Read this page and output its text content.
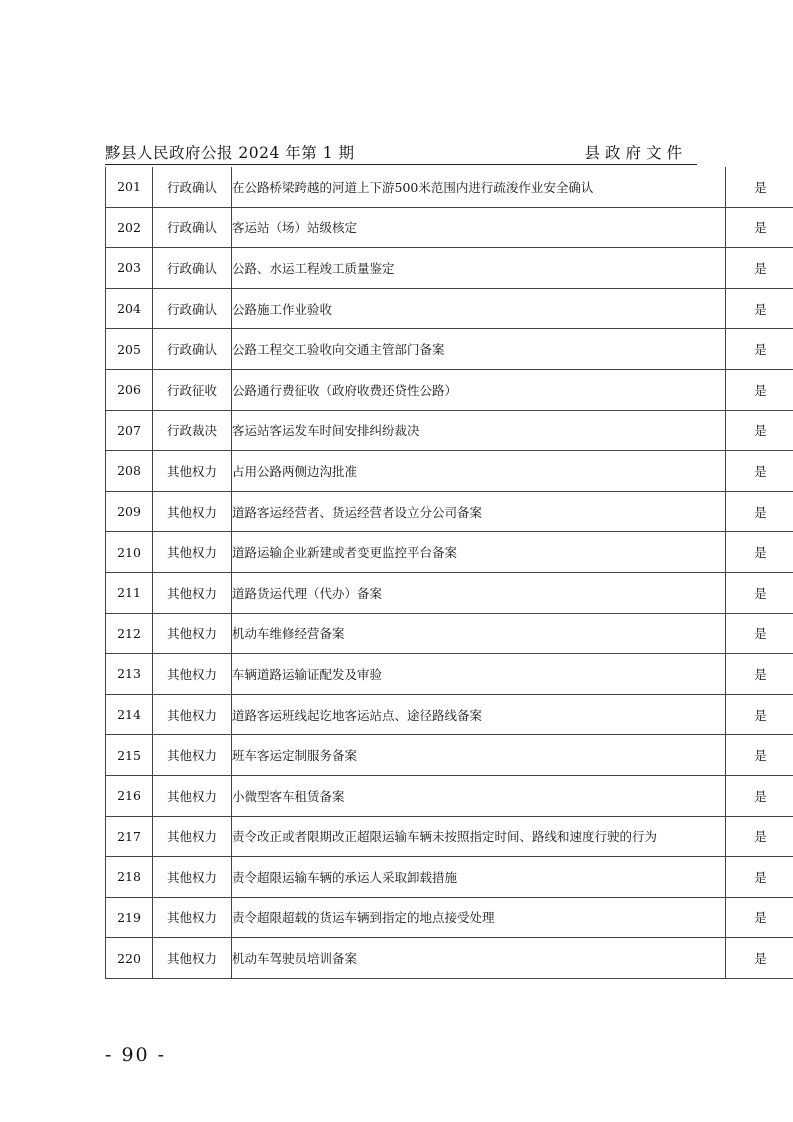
黟县人民政府公报 2024 年第 1 期	县政府文件
201	行政确认	在公路桥梁跨越的河道上下游500米范围内进行疏浚作业安全确认	是
202	行政确认	客运站（场）站级核定	是
203	行政确认	公路、水运工程竣工质量鉴定	是
204	行政确认	公路施工作业验收	是
205	行政确认	公路工程交工验收向交通主管部门备案	是
206	行政征收	公路通行费征收（政府收费还贷性公路）	是
207	行政裁决	客运站客运发车时间安排纠纷裁决	是
208	其他权力	占用公路两侧边沟批准	是
209	其他权力	道路客运经营者、货运经营者设立分公司备案	是
210	其他权力	道路运输企业新建或者变更监控平台备案	是
211	其他权力	道路货运代理（代办）备案	是
212	其他权力	机动车维修经营备案	是
213	其他权力	车辆道路运输证配发及审验	是
214	其他权力	道路客运班线起讫地客运站点、途径路线备案	是
215	其他权力	班车客运定制服务备案	是
216	其他权力	小微型客车租赁备案	是
217	其他权力	责令改正或者限期改正超限运输车辆未按照指定时间、路线和速度行驶的行为	是
218	其他权力	责令超限运输车辆的承运人采取卸载措施	是
219	其他权力	责令超限超载的货运车辆到指定的地点接受处理	是
220	其他权力	机动车驾驶员培训备案	是
- 90 -
